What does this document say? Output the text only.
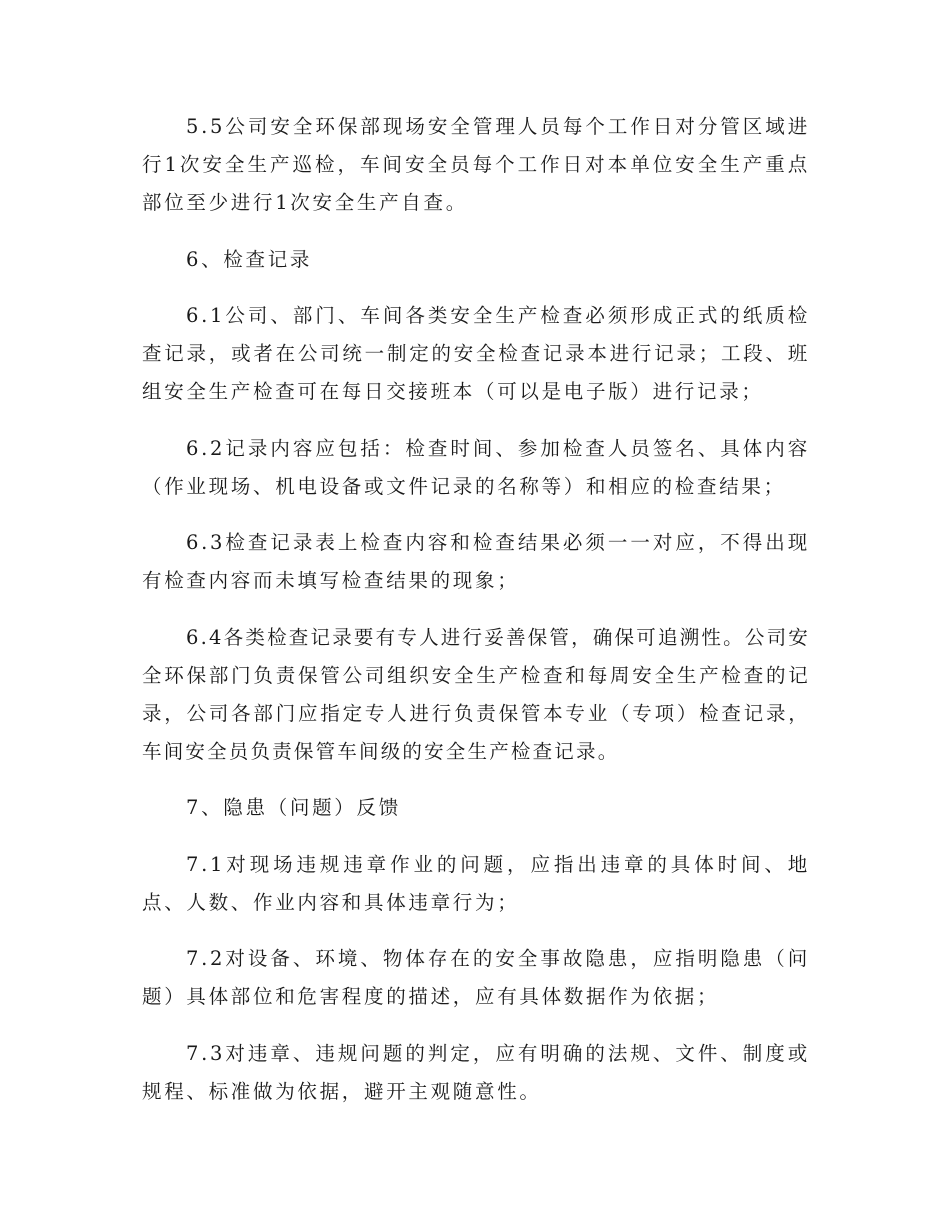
5.5公司安全环保部现场安全管理人员每个工作日对分管区域进行1次安全生产巡检，车间安全员每个工作日对本单位安全生产重点部位至少进行1次安全生产自查。

6、检查记录

6.1公司、部门、车间各类安全生产检查必须形成正式的纸质检查记录，或者在公司统一制定的安全检查记录本进行记录；工段、班组安全生产检查可在每日交接班本（可以是电子版）进行记录；

6.2记录内容应包括：检查时间、参加检查人员签名、具体内容（作业现场、机电设备或文件记录的名称等）和相应的检查结果；

6.3检查记录表上检查内容和检查结果必须一一对应，不得出现有检查内容而未填写检查结果的现象；

6.4各类检查记录要有专人进行妥善保管，确保可追溯性。公司安全环保部门负责保管公司组织安全生产检查和每周安全生产检查的记录，公司各部门应指定专人进行负责保管本专业（专项）检查记录，车间安全员负责保管车间级的安全生产检查记录。

7、隐患（问题）反馈

7.1对现场违规违章作业的问题，应指出违章的具体时间、地点、人数、作业内容和具体违章行为；

7.2对设备、环境、物体存在的安全事故隐患，应指明隐患（问题）具体部位和危害程度的描述，应有具体数据作为依据；

7.3对违章、违规问题的判定，应有明确的法规、文件、制度或规程、标准做为依据，避开主观随意性。
